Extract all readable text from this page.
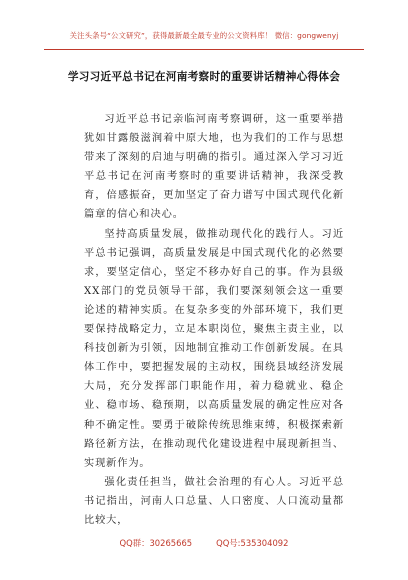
关注头条号“公文研究”，获得最新最全最专业的公文资料库！ 微信：gongwenyj
学习习近平总书记在河南考察时的重要讲话精神心得体会

习近平总书记亲临河南考察调研，这一重要举措犹如甘露般滋润着中原大地，也为我们的工作与思想带来了深刻的启迪与明确的指引。通过深入学习习近平总书记在河南考察时的重要讲话精神，我深受教育，倍感振奋，更加坚定了奋力谱写中国式现代化新篇章的信心和决心。

坚持高质量发展，做推动现代化的践行人。习近平总书记强调，高质量发展是中国式现代化的必然要求，要坚定信心，坚定不移办好自己的事。作为县级XX部门的党员领导干部，我们要深刻领会这一重要论述的精神实质。在复杂多变的外部环境下，我们更要保持战略定力，立足本职岗位，聚焦主责主业，以科技创新为引领，因地制宜推动工作创新发展。在具体工作中，要把握发展的主动权，围绕县域经济发展大局，充分发挥部门职能作用，着力稳就业、稳企业、稳市场、稳预期，以高质量发展的确定性应对各种不确定性。要勇于破除传统思维束缚，积极探索新路径新方法，在推动现代化建设进程中展现新担当、实现新作为。

强化责任担当，做社会治理的有心人。习近平总书记指出，河南人口总量、人口密度、人口流动量都比较大，

QQ群：30265665	QQ号:535304092
